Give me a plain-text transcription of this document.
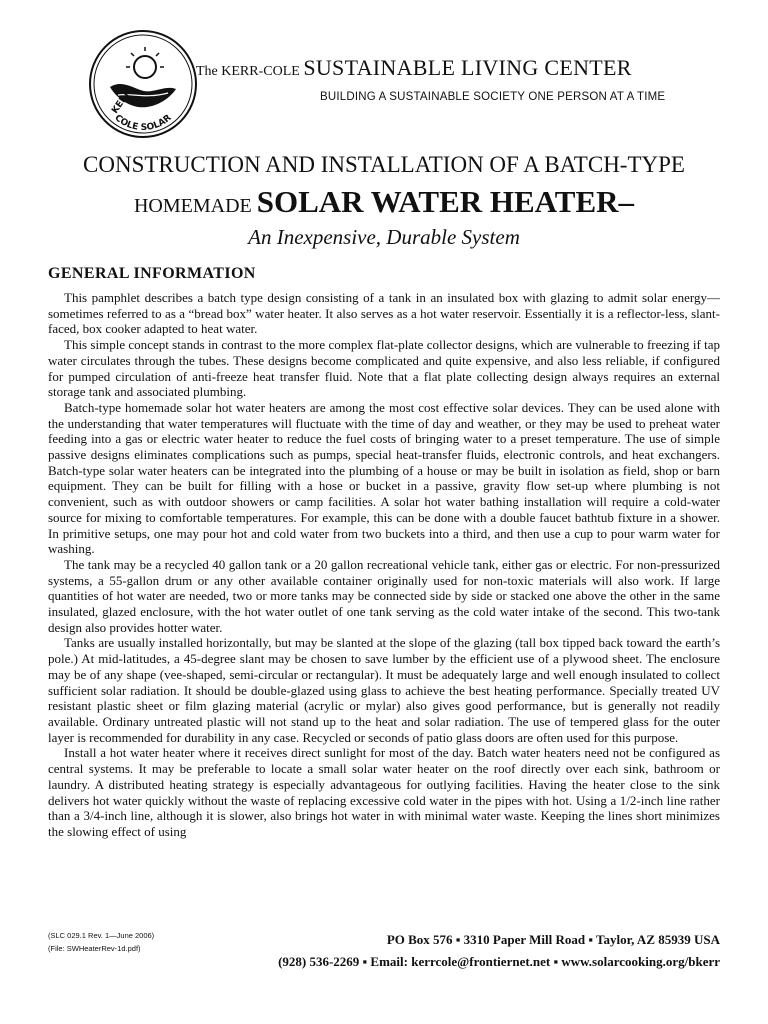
COLE SOLAR
KERR
The KERR-COLE SUSTAINABLE LIVING CENTER
BUILDING A SUSTAINABLE SOCIETY ONE PERSON AT A TIME
CONSTRUCTION AND INSTALLATION OF A BATCH-TYPE
HOMEMADE SOLAR WATER HEATER–
An Inexpensive, Durable System
GENERAL INFORMATION

This pamphlet describes a batch type design consisting of a tank in an insulated box with glazing to admit solar energy—sometimes referred to as a “bread box” water heater. It also serves as a hot water reservoir. Essentially it is a reflector-less, slant-faced, box cooker adapted to heat water.

This simple concept stands in contrast to the more complex flat-plate collector designs, which are vulnerable to freezing if tap water circulates through the tubes. These designs become complicated and quite expensive, and also less reliable, if configured for pumped circulation of anti-freeze heat transfer fluid. Note that a flat plate collecting design always requires an external storage tank and associated plumbing.

Batch-type homemade solar hot water heaters are among the most cost effective solar devices. They can be used alone with the understanding that water temperatures will fluctuate with the time of day and weather, or they may be used to preheat water feeding into a gas or electric water heater to reduce the fuel costs of bringing water to a preset temperature. The use of simple passive designs eliminates complications such as pumps, special heat-transfer fluids, electronic controls, and heat exchangers. Batch-type solar water heaters can be integrated into the plumbing of a house or may be built in isolation as field, shop or barn equipment. They can be built for filling with a hose or bucket in a passive, gravity flow set-up where plumbing is not convenient, such as with outdoor showers or camp facilities. A solar hot water bathing installation will require a cold-water source for mixing to comfortable temperatures. For example, this can be done with a double faucet bathtub fixture in a shower. In primitive setups, one may pour hot and cold water from two buckets into a third, and then use a cup to pour warm water for washing.

The tank may be a recycled 40 gallon tank or a 20 gallon recreational vehicle tank, either gas or electric. For non-pressurized systems, a 55-gallon drum or any other available container originally used for non-toxic materials will also work. If large quantities of hot water are needed, two or more tanks may be connected side by side or stacked one above the other in the same insulated, glazed enclosure, with the hot water outlet of one tank serving as the cold water intake of the second. This two-tank design also provides hotter water.

Tanks are usually installed horizontally, but may be slanted at the slope of the glazing (tall box tipped back toward the earth’s pole.) At mid-latitudes, a 45-degree slant may be chosen to save lumber by the efficient use of a plywood sheet. The enclosure may be of any shape (vee-shaped, semi-circular or rectangular). It must be adequately large and well enough insulated to collect sufficient solar radiation. It should be double-glazed using glass to achieve the best heating performance. Specially treated UV resistant plastic sheet or film glazing material (acrylic or mylar) also gives good performance, but is generally not readily available. Ordinary untreated plastic will not stand up to the heat and solar radiation. The use of tempered glass for the outer layer is recommended for durability in any case. Recycled or seconds of patio glass doors are often used for this purpose.

Install a hot water heater where it receives direct sunlight for most of the day. Batch water heaters need not be configured as central systems. It may be preferable to locate a small solar water heater on the roof directly over each sink, bathroom or laundry. A distributed heating strategy is especially advantageous for outlying facilities. Having the heater close to the sink delivers hot water quickly without the waste of replacing excessive cold water in the pipes with hot. Using a 1/2-inch line rather than a 3/4-inch line, although it is slower, also brings hot water in with minimal water waste. Keeping the lines short minimizes the slowing effect of using

(SLC 029.1 Rev. 1—June 2006)
(File: SWHeaterRev-1d.pdf)
PO Box 576 ▪ 3310 Paper Mill Road ▪ Taylor, AZ 85939 USA
(928) 536-2269 ▪ Email: kerrcole@frontiernet.net ▪ www.solarcooking.org/bkerr
